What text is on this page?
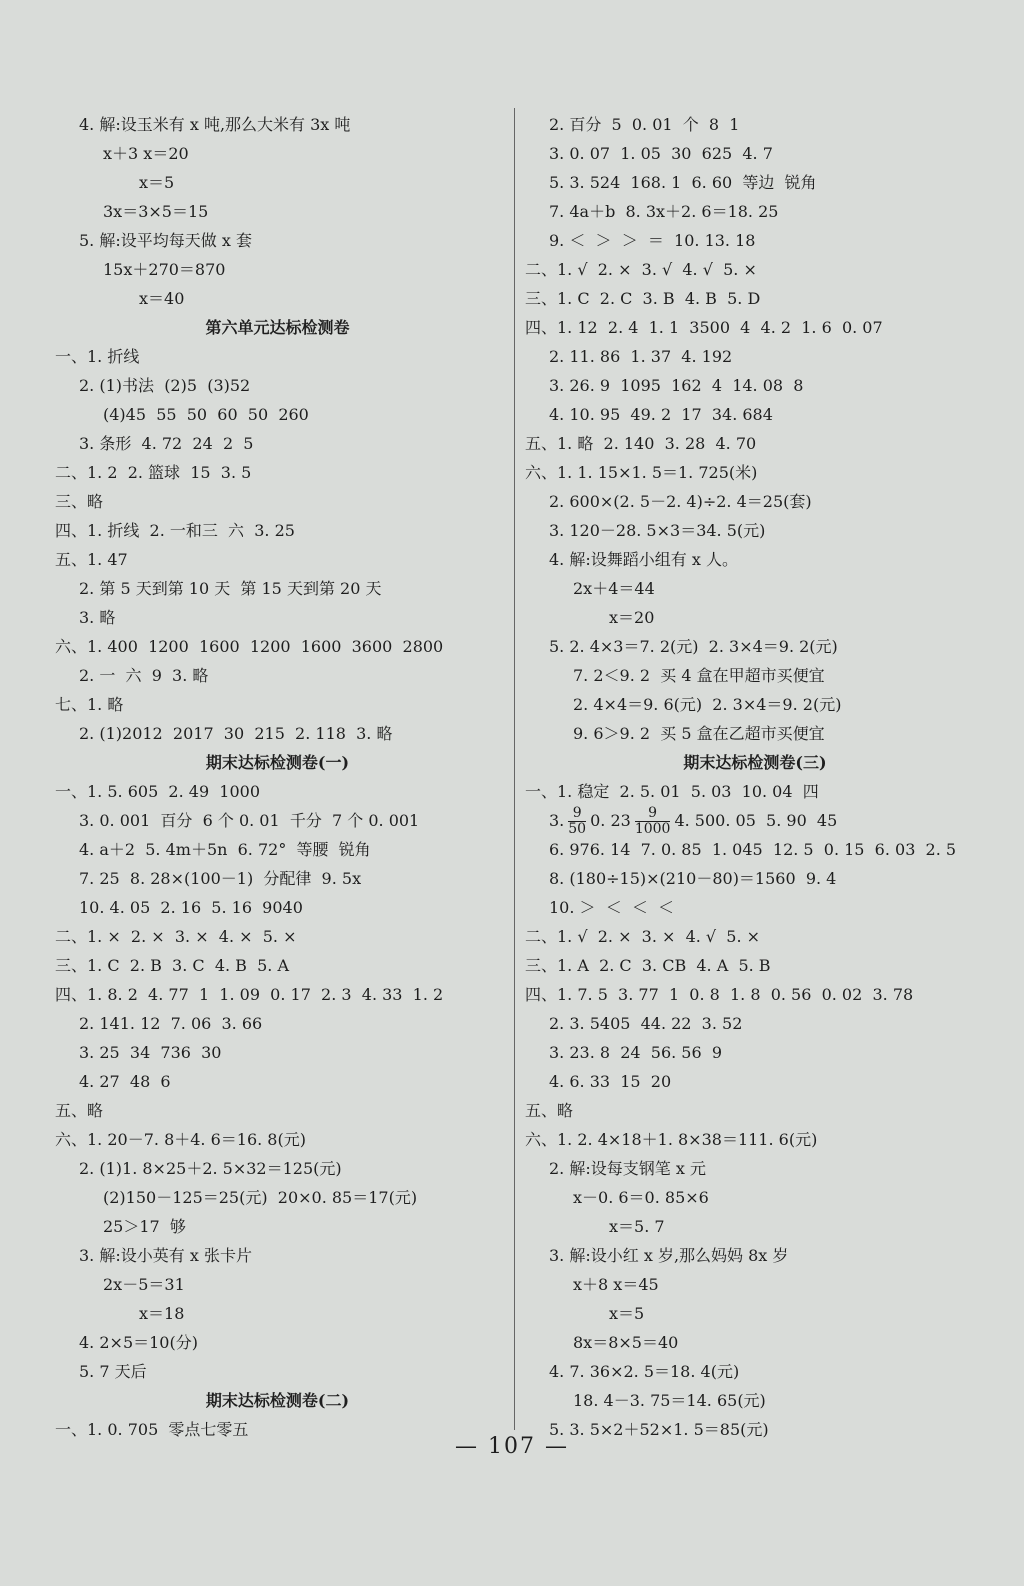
4. 解:设玉米有 x 吨,那么大米有 3x 吨
x＋3 x＝20
x＝5
3x＝3×5＝15
5. 解:设平均每天做 x 套
15x＋270＝870
x＝40
第六单元达标检测卷
一、1. 折线
2. (1)书法  (2)5  (3)52
(4)45  55  50  60  50  260
3. 条形  4. 72  24  2  5
二、1. 2  2. 篮球  15  3. 5
三、略
四、1. 折线  2. 一和三  六  3. 25
五、1. 47
2. 第 5 天到第 10 天  第 15 天到第 20 天
3. 略
六、1. 400  1200  1600  1200  1600  3600  2800
2. 一  六  9  3. 略
七、1. 略
2. (1)2012  2017  30  215  2. 118  3. 略
期末达标检测卷(一)
一、1. 5. 605  2. 49  1000
3. 0. 001  百分  6 个 0. 01  千分  7 个 0. 001
4. a＋2  5. 4m＋5n  6. 72°  等腰  锐角
7. 25  8. 28×(100－1)  分配律  9. 5x
10. 4. 05  2. 16  5. 16  9040
二、1. ×  2. ×  3. ×  4. ×  5. ×
三、1. C  2. B  3. C  4. B  5. A
四、1. 8. 2  4. 77  1  1. 09  0. 17  2. 3  4. 33  1. 2
2. 141. 12  7. 06  3. 66
3. 25  34  736  30
4. 27  48  6
五、略
六、1. 20－7. 8＋4. 6＝16. 8(元)
2. (1)1. 8×25＋2. 5×32＝125(元)
(2)150－125＝25(元)  20×0. 85＝17(元)
25＞17  够
3. 解:设小英有 x 张卡片
2x－5＝31
x＝18
4. 2×5＝10(分)
5. 7 天后
期末达标检测卷(二)
一、1. 0. 705  零点七零五
2. 百分  5  0. 01  个  8  1
3. 0. 07  1. 05  30  625  4. 7
5. 3. 524  168. 1  6. 60  等边  锐角
7. 4a＋b  8. 3x＋2. 6＝18. 25
9. ＜  ＞  ＞  ＝  10. 13. 18
二、1. √  2. ×  3. √  4. √  5. ×
三、1. C  2. C  3. B  4. B  5. D
四、1. 12  2. 4  1. 1  3500  4  4. 2  1. 6  0. 07
2. 11. 86  1. 37  4. 192
3. 26. 9  1095  162  4  14. 08  8
4. 10. 95  49. 2  17  34. 684
五、1. 略  2. 140  3. 28  4. 70
六、1. 1. 15×1. 5＝1. 725(米)
2. 600×(2. 5－2. 4)÷2. 4＝25(套)
3. 120－28. 5×3＝34. 5(元)
4. 解:设舞蹈小组有 x 人。
2x＋4＝44
x＝20
5. 2. 4×3＝7. 2(元)  2. 3×4＝9. 2(元)
7. 2＜9. 2  买 4 盒在甲超市买便宜
2. 4×4＝9. 6(元)  2. 3×4＝9. 2(元)
9. 6＞9. 2  买 5 盒在乙超市买便宜
期末达标检测卷(三)
一、1. 稳定  2. 5. 01  5. 03  10. 04  四
3. $\frac{9}{50} 0$. $23 \frac{9}{1000} 4$. 500. 05  5. 90  45
6. 976. 14  7. 0. 85  1. 045  12. 5  0. 15  6. 03  2. 5
8. (180÷15)×(210－80)＝1560  9. 4
10. ＞  ＜  ＜  ＜
二、1. √  2. ×  3. ×  4. √  5. ×
三、1. A  2. C  3. CB  4. A  5. B
四、1. 7. 5  3. 77  1  0. 8  1. 8  0. 56  0. 02  3. 78
2. 3. 5405  44. 22  3. 52
3. 23. 8  24  56. 56  9
4. 6. 33  15  20
五、略
六、1. 2. 4×18＋1. 8×38＝111. 6(元)
2. 解:设每支钢笔 x 元
x－0. 6＝0. 85×6
x＝5. 7
3. 解:设小红 x 岁,那么妈妈 8x 岁
x＋8 x＝45
x＝5
8x＝8×5＝40
4. 7. 36×2. 5＝18. 4(元)
18. 4－3. 75＝14. 65(元)
5. 3. 5×2＋52×1. 5＝85(元)
— 107 —
